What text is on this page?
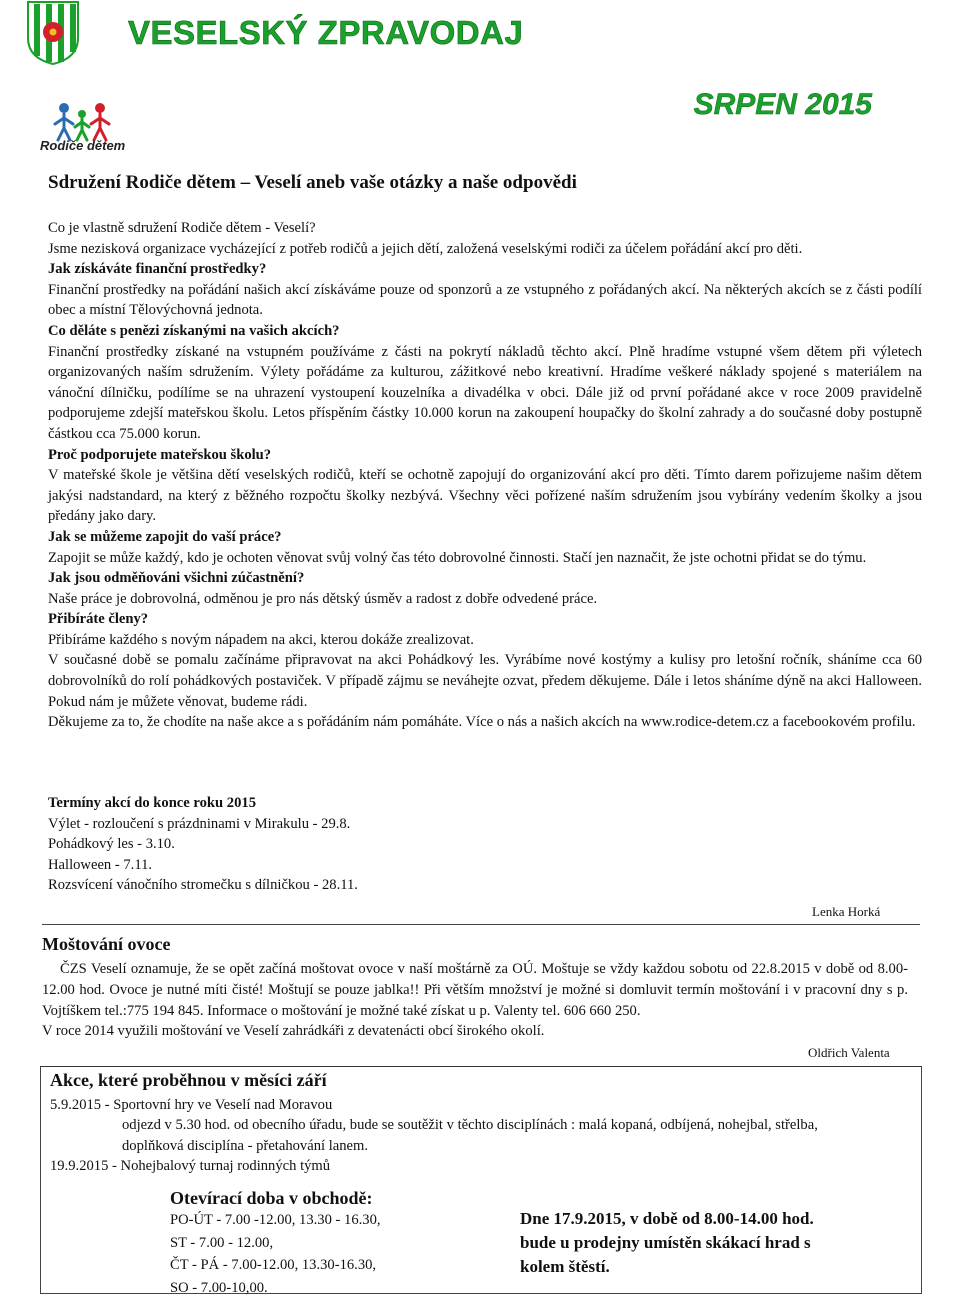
VESELSKÝ ZPRAVODAJ
SRPEN 2015
Rodiče dětem
Sdružení Rodiče dětem – Veselí aneb vaše otázky a naše odpovědi

Co je vlastně sdružení Rodiče dětem - Veselí?

Jsme nezisková organizace vycházející z potřeb rodičů a jejich dětí, založená veselskými rodiči za účelem pořádání akcí pro děti.

Jak získáváte finanční prostředky?

Finanční prostředky na pořádání našich akcí získáváme pouze od sponzorů a ze vstupného z pořádaných akcí. Na některých akcích se z části podílí obec a místní Tělovýchovná jednota.

Co děláte s penězi získanými na vašich akcích?

Finanční prostředky získané na vstupném používáme z části na pokrytí nákladů těchto akcí. Plně hradíme vstupné všem dětem při výletech organizovaných naším sdružením. Výlety pořádáme za kulturou, zážitkové nebo kreativní. Hradíme veškeré náklady spojené s materiálem na vánoční dílničku, podílíme se na uhrazení vystoupení kouzelníka a divadélka v obci. Dále již od první pořádané akce v roce 2009 pravidelně podporujeme zdejší mateřskou školu. Letos příspěním částky 10.000 korun na zakoupení houpačky do školní zahrady a do současné doby postupně částkou cca 75.000 korun.

Proč podporujete mateřskou školu?

V mateřské škole je většina dětí veselských rodičů, kteří se ochotně zapojují do organizování akcí pro děti. Tímto darem pořizujeme našim dětem jakýsi nadstandard, na který z běžného rozpočtu školky nezbývá. Všechny věci pořízené naším sdružením jsou vybírány vedením školky a jsou předány jako dary.

Jak se můžeme zapojit do vaší práce?

Zapojit se může každý, kdo je ochoten věnovat svůj volný čas této dobrovolné činnosti. Stačí jen naznačit, že jste ochotni přidat se do týmu.

Jak jsou odměňováni všichni zúčastnění?

Naše práce je dobrovolná, odměnou je pro nás dětský úsměv a radost z dobře odvedené práce.

Přibíráte členy?

Přibíráme každého s novým nápadem na akci, kterou dokáže zrealizovat.

V současné době se pomalu začínáme připravovat na akci Pohádkový les. Vyrábíme nové kostýmy a kulisy pro letošní ročník, sháníme cca 60 dobrovolníků do rolí pohádkových postaviček. V případě zájmu se neváhejte ozvat, předem děkujeme. Dále i letos sháníme dýně na akci Halloween. Pokud nám je můžete věnovat, budeme rádi.

Děkujeme za to, že chodíte na naše akce a s pořádáním nám pomáháte. Více o nás a našich akcích na www.rodice-detem.cz a facebookovém profilu.

Termíny akcí do konce roku 2015

Výlet - rozloučení s prázdninami v Mirakulu - 29.8.

Pohádkový les - 3.10.

Halloween - 7.11.

Rozsvícení vánočního stromečku s dílničkou - 28.11.

Lenka Horká
Moštování ovoce

ČZS Veselí oznamuje, že se opět začíná moštovat ovoce v naší moštárně za OÚ. Moštuje se vždy každou sobotu od 22.8.2015 v době od 8.00- 12.00 hod. Ovoce je nutné míti čisté! Moštují se pouze jablka!! Při větším množství je možné si domluvit termín moštování i v pracovní dny s p. Vojtíškem tel.:775 194 845. Informace o moštování je možné také získat u p. Valenty tel. 606 660 250.

V roce 2014 využili moštování ve Veselí zahrádkáři z devatenácti obcí širokého okolí.

Oldřich Valenta
Akce, které proběhnou v měsíci září

5.9.2015 - Sportovní hry ve Veselí nad Moravou

odjezd v 5.30 hod. od obecního úřadu, bude se soutěžit v těchto disciplínách : malá kopaná, odbíjená, nohejbal, střelba,

doplňková disciplína - přetahování lanem.

19.9.2015 - Nohejbalový turnaj rodinných týmů

Otevírací doba v obchodě:

PO-ÚT - 7.00 -12.00, 13.30 - 16.30,

ST - 7.00 - 12.00,

ČT - PÁ - 7.00-12.00, 13.30-16.30,

SO - 7.00-10,00.

Dne 17.9.2015, v době od 8.00-14.00 hod.
bude u prodejny umístěn skákací hrad s
kolem štěstí.
